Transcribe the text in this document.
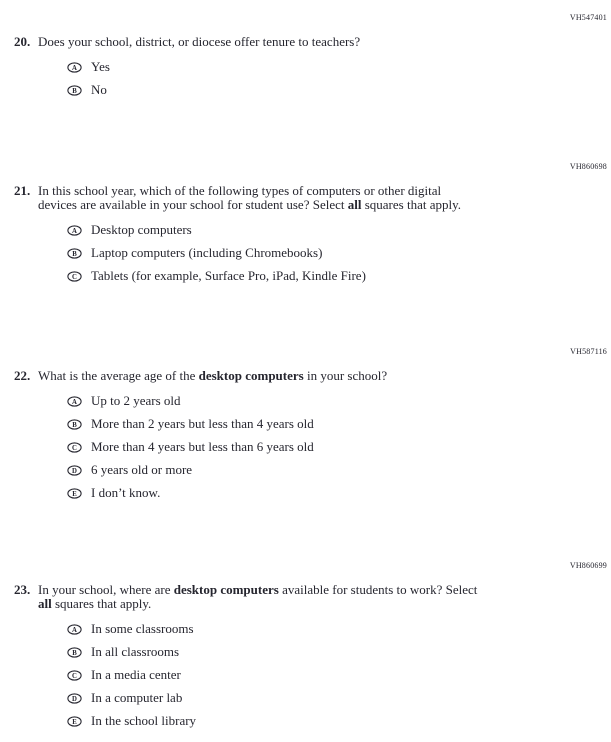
VH547401
20. Does your school, district, or diocese offer tenure to teachers?
A Yes
B No
VH860698
21. In this school year, which of the following types of computers or other digital
devices are available in your school for student use? Select all squares that apply.
A Desktop computers
B Laptop computers (including Chromebooks)
C Tablets (for example, Surface Pro, iPad, Kindle Fire)
VH587116
22. What is the average age of the desktop computers in your school?
A Up to 2 years old
B More than 2 years but less than 4 years old
C More than 4 years but less than 6 years old
D 6 years old or more
E I don’t know.
VH860699
23. In your school, where are desktop computers available for students to work? Select
all squares that apply.
A In some classrooms
B In all classrooms
C In a media center
D In a computer lab
E In the school library
